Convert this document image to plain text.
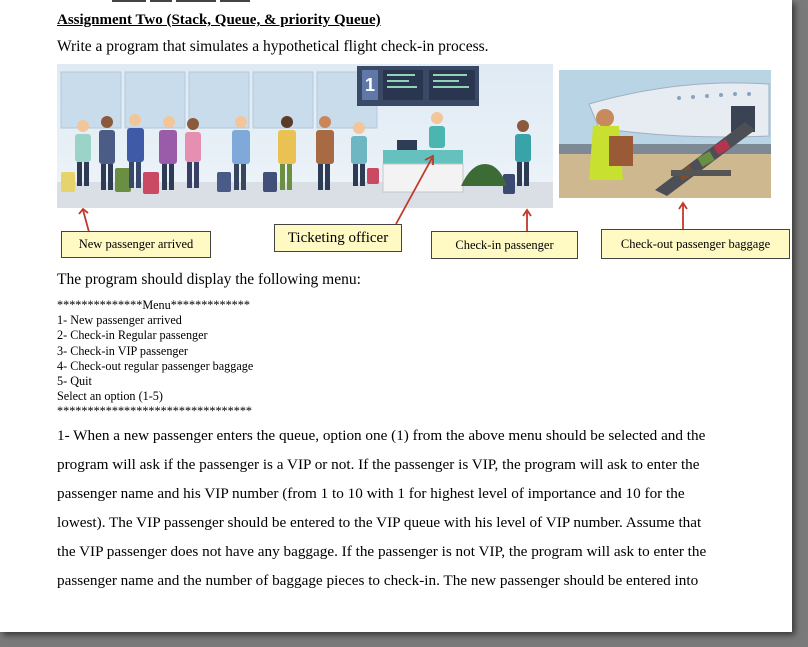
Assignment Two (Stack, Queue, & priority Queue)
Write a program that simulates a hypothetical flight check-in process.
1
New passenger arrived	Ticketing officer	Check-in passenger	Check-out passenger baggage
The program should display the following menu:
**************Menu*************
1- New passenger arrived
2- Check-in Regular passenger
3- Check-in VIP passenger
4- Check-out regular passenger baggage
5- Quit
Select an option (1-5)
********************************
1- When a new passenger enters the queue, option one (1) from the above menu should be selected and the
program will ask if the passenger is a VIP or not. If the passenger is VIP, the program will ask to enter the
passenger name and his VIP number (from 1 to 10 with 1 for highest level of importance and 10 for the
lowest). The VIP passenger should be entered to the VIP queue with his level of VIP number. Assume that
the VIP passenger does not have any baggage. If the passenger is not VIP, the program will ask to enter the
passenger name and the number of baggage pieces to check-in. The new passenger should be entered into
